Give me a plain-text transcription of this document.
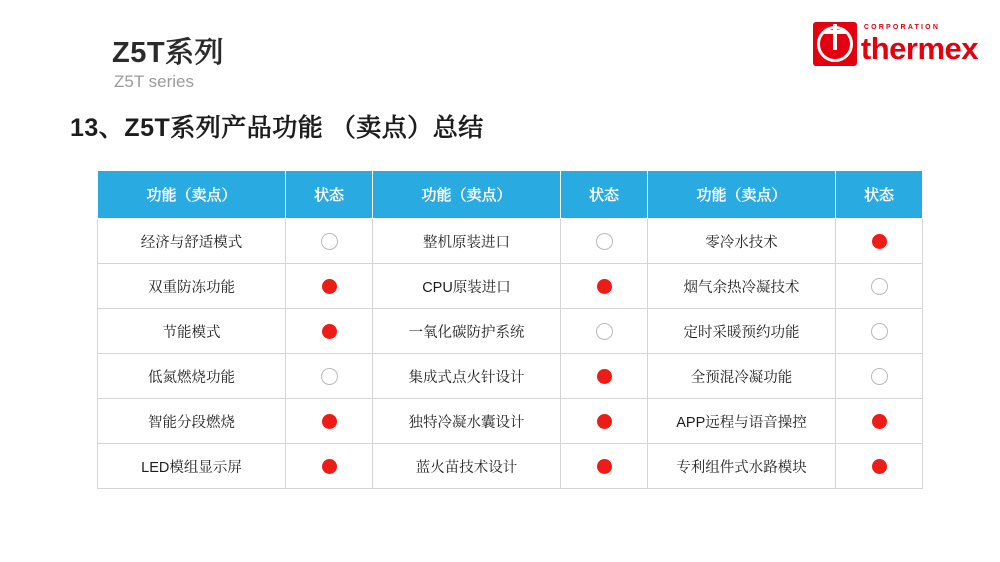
CORPORATION
thermex
Z5T系列
Z5T series
13、Z5T系列产品功能 （卖点）总结
功能（卖点）	状态	功能（卖点）	状态	功能（卖点）	状态
经济与舒适模式		整机原装进口		零冷水技术	
双重防冻功能		CPU原装进口		烟气余热冷凝技术	
节能模式		一氧化碳防护系统		定时采暖预约功能	
低氮燃烧功能		集成式点火针设计		全预混冷凝功能	
智能分段燃烧		独特冷凝水囊设计		APP远程与语音操控	
LED模组显示屏		蓝火苗技术设计		专利组件式水路模块	
